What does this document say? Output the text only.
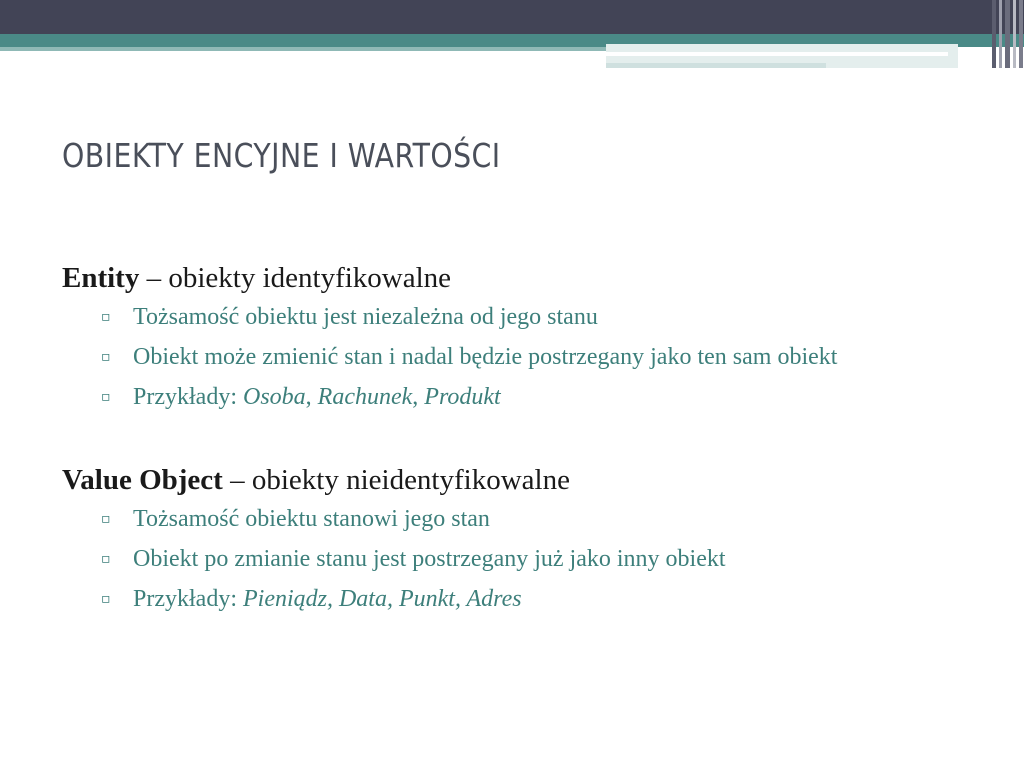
OBIEKTY ENCYJNE I WARTOŚCI

Entity – obiekty identyfikowalne

▫ Tożsamość obiektu jest niezależna od jego stanu
▫ Obiekt może zmienić stan i nadal będzie postrzegany jako ten sam obiekt
▫ Przykłady: Osoba, Rachunek, Produkt

Value Object – obiekty nieidentyfikowalne

▫ Tożsamość obiektu stanowi jego stan
▫ Obiekt po zmianie stanu jest postrzegany już jako inny obiekt
▫ Przykłady: Pieniądz, Data, Punkt, Adres
